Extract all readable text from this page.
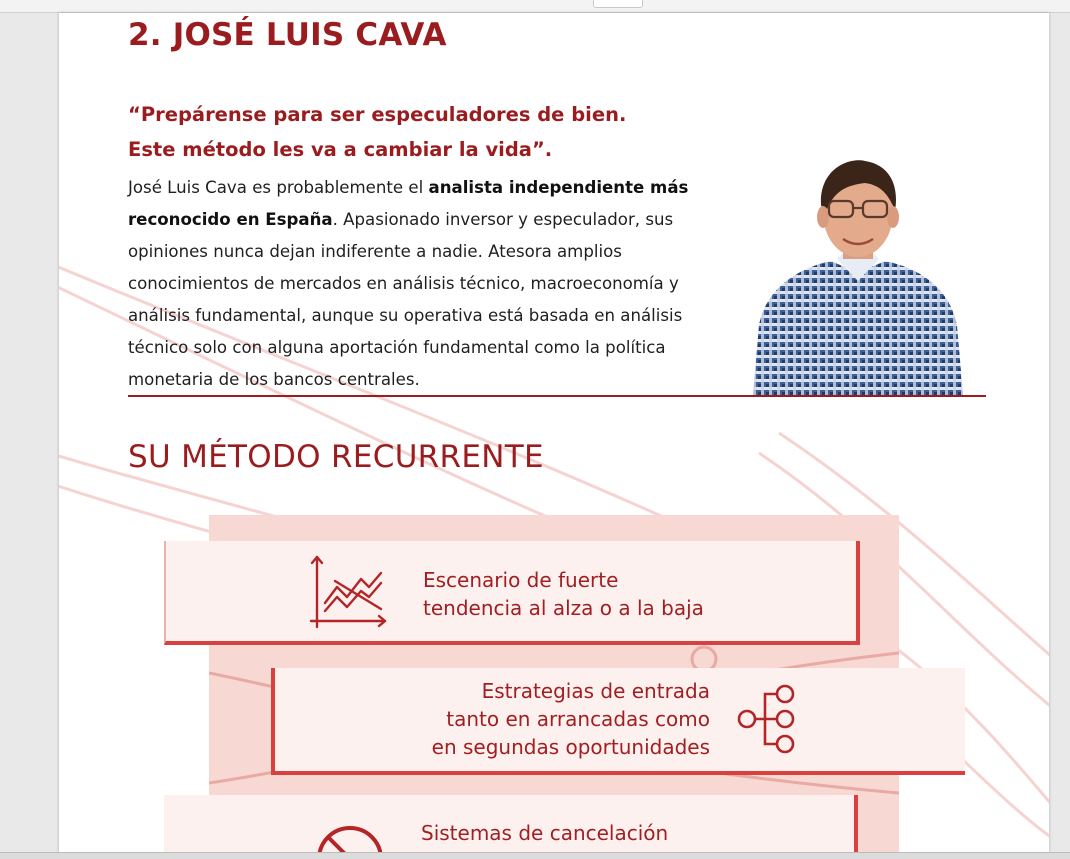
2. JOSÉ LUIS CAVA

“Prepárense para ser especuladores de bien.
Este método les va a cambiar la vida”.

José Luis Cava es probablemente el analista independiente más reconocido en España. Apasionado inversor y especulador, sus opiniones nunca dejan indiferente a nadie. Atesora amplios conocimientos de mercados en análisis técnico, macroeconomía y análisis fundamental, aunque su operativa está basada en análisis técnico solo con alguna aportación fundamental como la política monetaria de los bancos centrales.

SU MÉTODO RECURRENTE

Escenario de fuerte
tendencia al alza o a la baja

Estrategias de entrada
tanto en arrancadas como
en segundas oportunidades

Sistemas de cancelación
